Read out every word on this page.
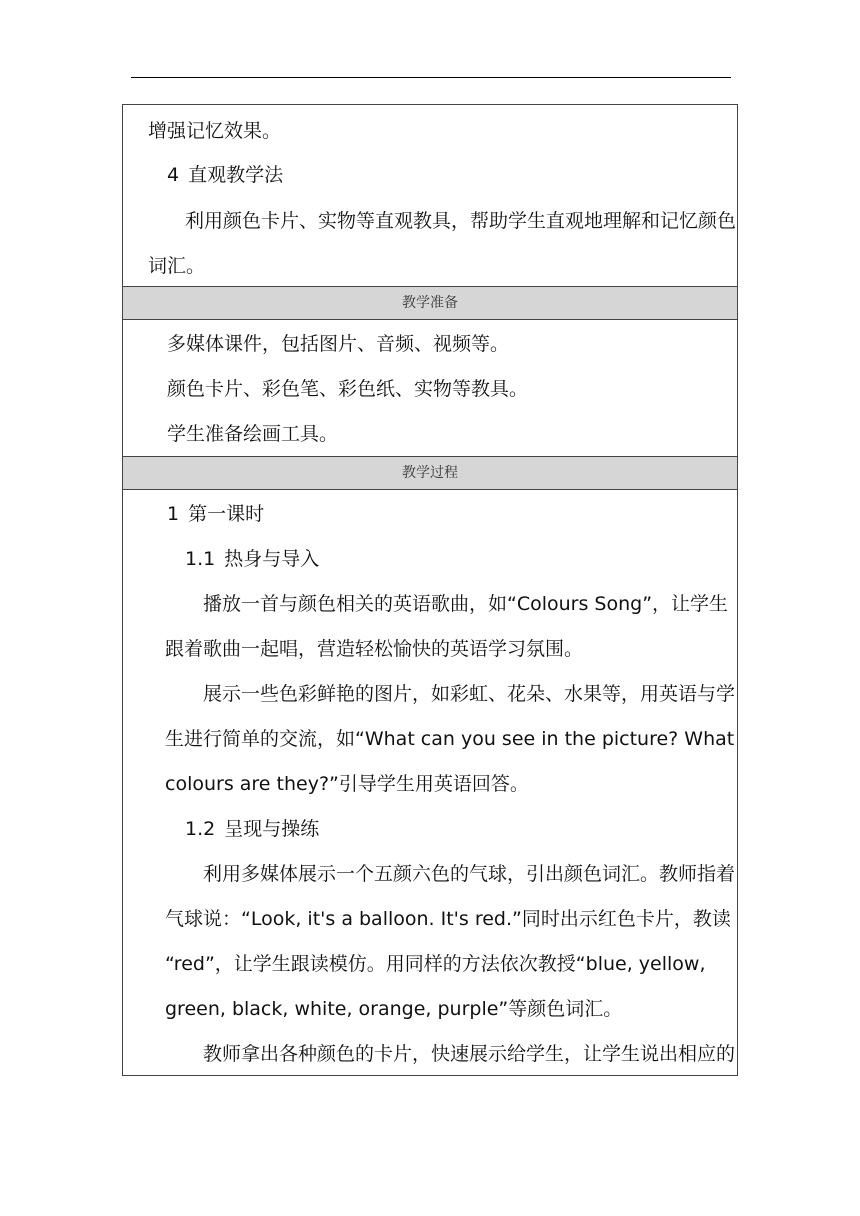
增强记忆效果。
4 直观教学法
利用颜色卡片、实物等直观教具，帮助学生直观地理解和记忆颜色
词汇。
教学准备
多媒体课件，包括图片、音频、视频等。
颜色卡片、彩色笔、彩色纸、实物等教具。
学生准备绘画工具。
教学过程
1 第一课时
1.1 热身与导入
播放一首与颜色相关的英语歌曲，如“Colours Song”，让学生
跟着歌曲一起唱，营造轻松愉快的英语学习氛围。
展示一些色彩鲜艳的图片，如彩虹、花朵、水果等，用英语与学
生进行简单的交流，如“What can you see in the picture? What
colours are they?”引导学生用英语回答。
1.2 呈现与操练
利用多媒体展示一个五颜六色的气球，引出颜色词汇。教师指着
气球说：“Look, it's a balloon. It's red.”同时出示红色卡片，教读
“red”，让学生跟读模仿。用同样的方法依次教授“blue, yellow,
green, black, white, orange, purple”等颜色词汇。
教师拿出各种颜色的卡片，快速展示给学生，让学生说出相应的
